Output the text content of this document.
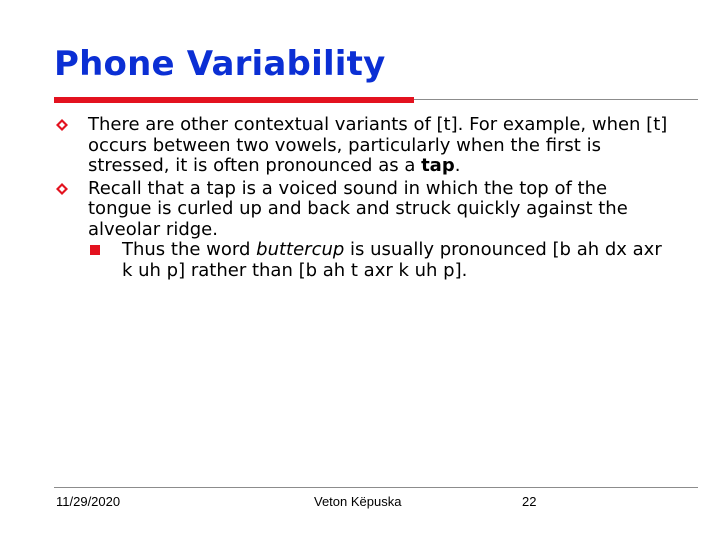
Phone Variability
There are other contextual variants of [t]. For example, when [t] occurs between two vowels, particularly when the first is stressed, it is often pronounced as a tap.
Recall that a tap is a voiced sound in which the top of the tongue is curled up and back and struck quickly against the alveolar ridge.
Thus the word buttercup is usually pronounced [b ah dx axr k uh p] rather than [b ah t axr k uh p].
11/29/2020	Veton Këpuska	22
